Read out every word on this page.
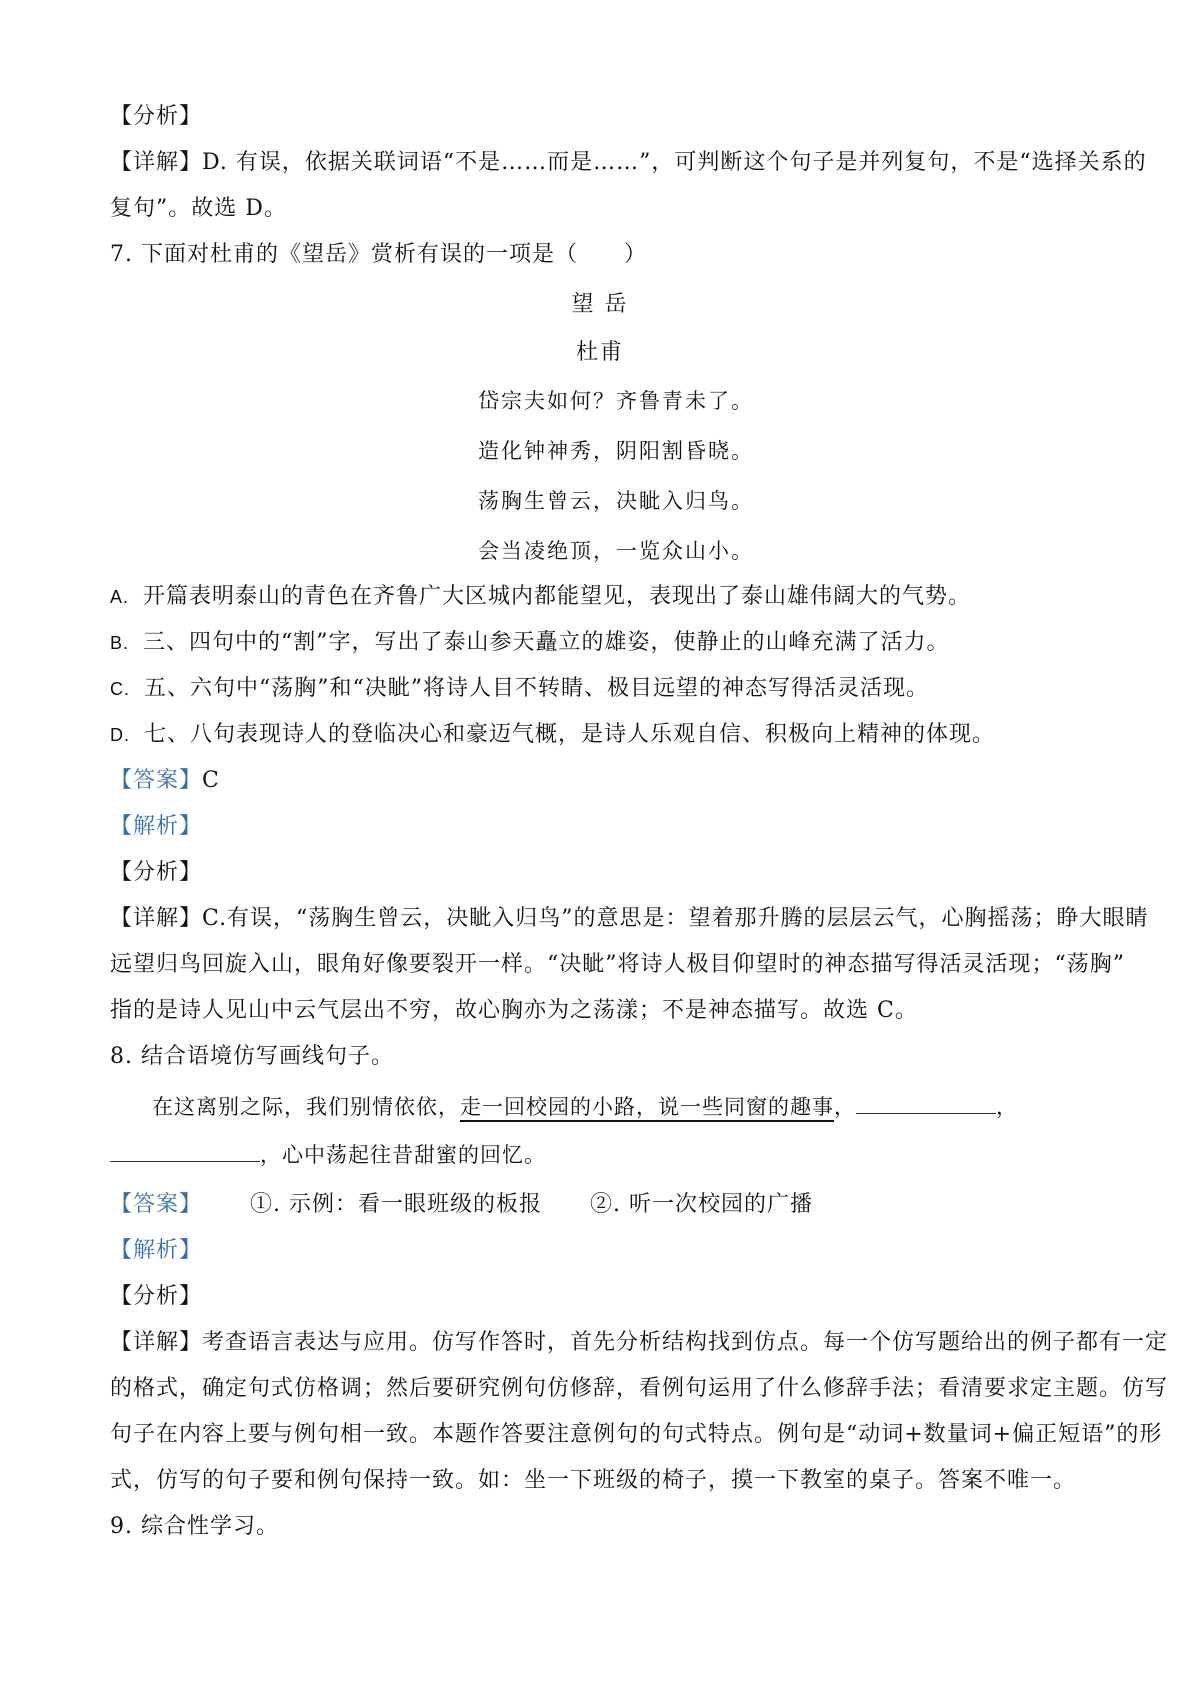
【分析】
【详解】D. 有误，依据关联词语“不是……而是……”，可判断这个句子是并列复句，不是“选择关系的
复句”。故选 D。
7. 下面对杜甫的《望岳》赏析有误的一项是（　　）
望 岳
杜甫
岱宗夫如何？齐鲁青未了。
造化钟神秀，阴阳割昏晓。
荡胸生曾云，决眦入归鸟。
会当凌绝顶，一览众山小。
A. 开篇表明泰山的青色在齐鲁广大区城内都能望见，表现出了泰山雄伟阔大的气势。
B. 三、四句中的“割”字，写出了泰山参天矗立的雄姿，使静止的山峰充满了活力。
C. 五、六句中“荡胸”和“决眦”将诗人目不转睛、极目远望的神态写得活灵活现。
D. 七、八句表现诗人的登临决心和豪迈气概，是诗人乐观自信、积极向上精神的体现。
【答案】C
【解析】
【分析】
【详解】C.有误，“荡胸生曾云，决眦入归鸟”的意思是：望着那升腾的层层云气，心胸摇荡；睁大眼睛
远望归鸟回旋入山，眼角好像要裂开一样。“决眦”将诗人极目仰望时的神态描写得活灵活现；“荡胸”
指的是诗人见山中云气层出不穷，故心胸亦为之荡漾；不是神态描写。故选 C。
8. 结合语境仿写画线句子。
在这离别之际，我们别情依依，走一回校园的小路，说一些同窗的趣事，	，
，心中荡起往昔甜蜜的回忆。
【答案】 ①. 示例：看一眼班级的板报 ②. 听一次校园的广播
【解析】
【分析】
【详解】考查语言表达与应用。仿写作答时，首先分析结构找到仿点。每一个仿写题给出的例子都有一定
的格式，确定句式仿格调；然后要研究例句仿修辞，看例句运用了什么修辞手法；看清要求定主题。仿写
句子在内容上要与例句相一致。本题作答要注意例句的句式特点。例句是“动词+数量词+偏正短语”的形
式，仿写的句子要和例句保持一致。如：坐一下班级的椅子，摸一下教室的桌子。答案不唯一。
9. 综合性学习。
